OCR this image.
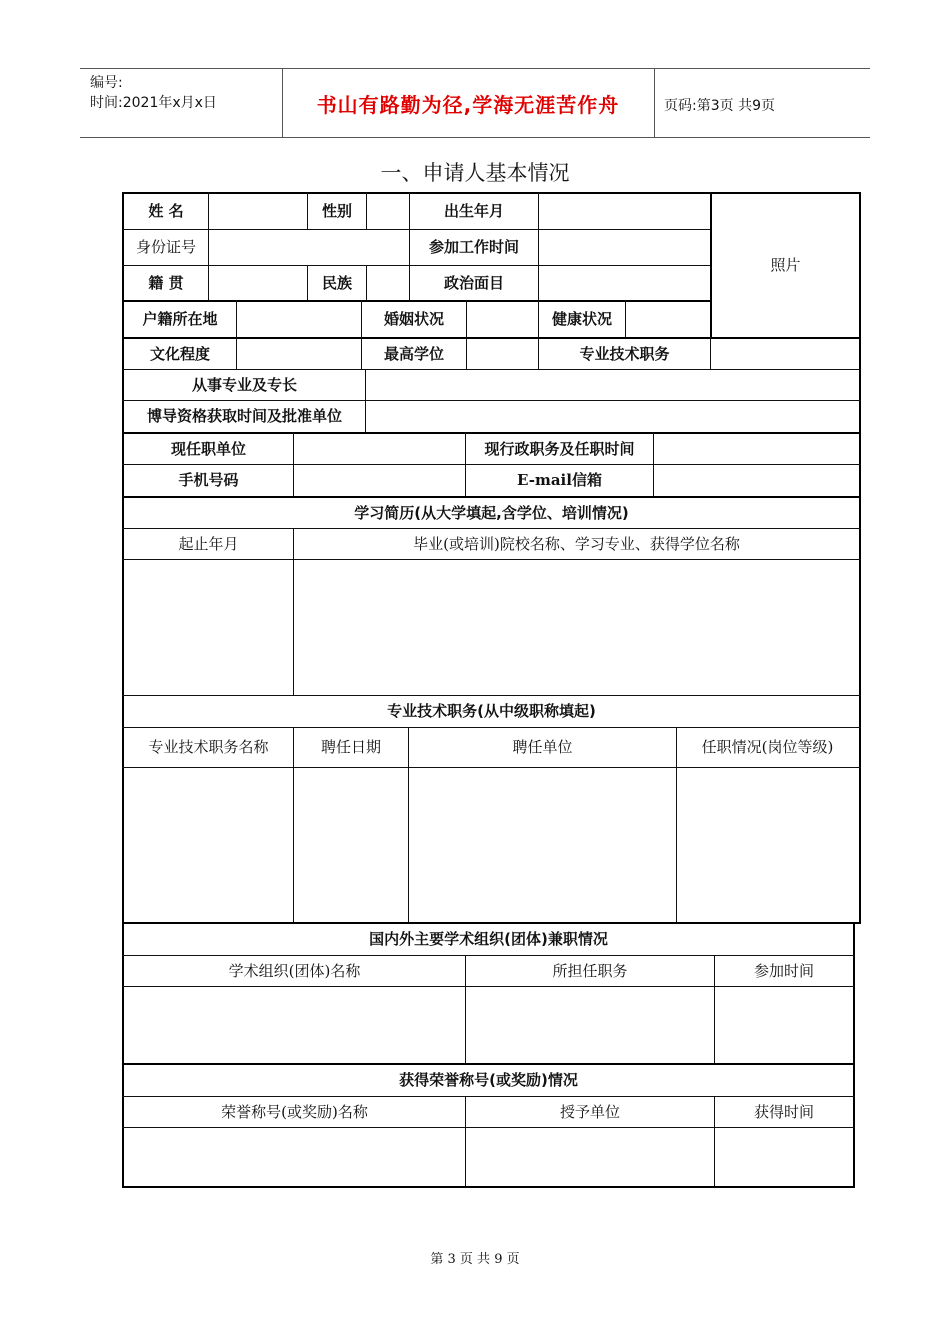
编号:
时间:2021年x月x日	书山有路勤为径,学海无涯苦作舟	页码:第3页 共9页
一、申请人基本情况
姓 名	性别	出生年月
照片
身份证号	参加工作时间
籍 贯	民族	政治面目
户籍所在地	婚姻状况	健康状况
文化程度	最高学位	专业技术职务
从事专业及专长
博导资格获取时间及批准单位
现任职单位	现行政职务及任职时间
手机号码	E-mail信箱
学习简历(从大学填起,含学位、培训情况)
起止年月	毕业(或培训)院校名称、学习专业、获得学位名称
专业技术职务(从中级职称填起)
专业技术职务名称	聘任日期	聘任单位	任职情况(岗位等级)
国内外主要学术组织(团体)兼职情况
学术组织(团体)名称	所担任职务	参加时间
获得荣誉称号(或奖励)情况
荣誉称号(或奖励)名称	授予单位	获得时间
第 3 页 共 9 页
